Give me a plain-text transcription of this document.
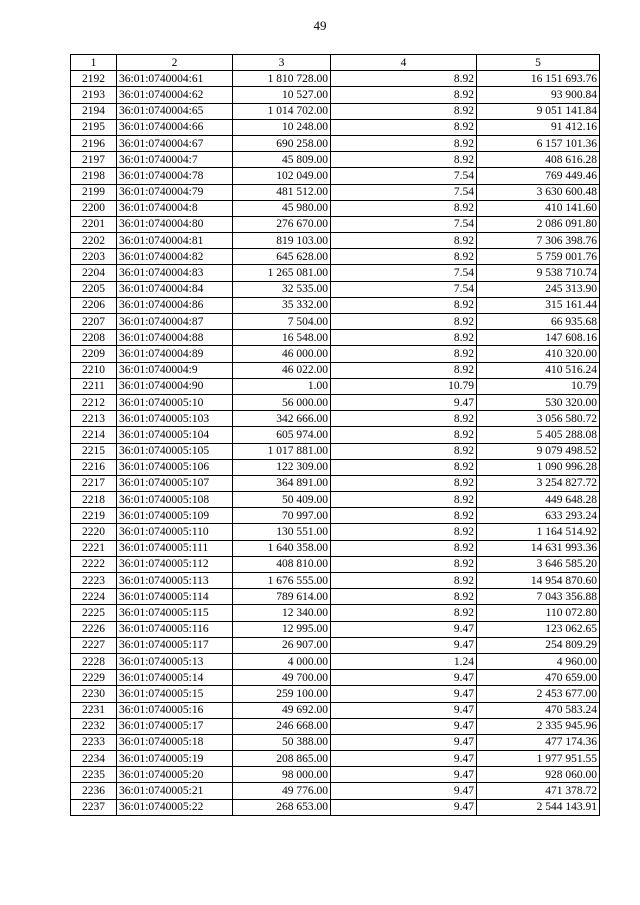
49
1	2	3	4	5
2192	36:01:0740004:61	1 810 728.00	8.92	16 151 693.76
2193	36:01:0740004:62	10 527.00	8.92	93 900.84
2194	36:01:0740004:65	1 014 702.00	8.92	9 051 141.84
2195	36:01:0740004:66	10 248.00	8.92	91 412.16
2196	36:01:0740004:67	690 258.00	8.92	6 157 101.36
2197	36:01:0740004:7	45 809.00	8.92	408 616.28
2198	36:01:0740004:78	102 049.00	7.54	769 449.46
2199	36:01:0740004:79	481 512.00	7.54	3 630 600.48
2200	36:01:0740004:8	45 980.00	8.92	410 141.60
2201	36:01:0740004:80	276 670.00	7.54	2 086 091.80
2202	36:01:0740004:81	819 103.00	8.92	7 306 398.76
2203	36:01:0740004:82	645 628.00	8.92	5 759 001.76
2204	36:01:0740004:83	1 265 081.00	7.54	9 538 710.74
2205	36:01:0740004:84	32 535.00	7.54	245 313.90
2206	36:01:0740004:86	35 332.00	8.92	315 161.44
2207	36:01:0740004:87	7 504.00	8.92	66 935.68
2208	36:01:0740004:88	16 548.00	8.92	147 608.16
2209	36:01:0740004:89	46 000.00	8.92	410 320.00
2210	36:01:0740004:9	46 022.00	8.92	410 516.24
2211	36:01:0740004:90	1.00	10.79	10.79
2212	36:01:0740005:10	56 000.00	9.47	530 320.00
2213	36:01:0740005:103	342 666.00	8.92	3 056 580.72
2214	36:01:0740005:104	605 974.00	8.92	5 405 288.08
2215	36:01:0740005:105	1 017 881.00	8.92	9 079 498.52
2216	36:01:0740005:106	122 309.00	8.92	1 090 996.28
2217	36:01:0740005:107	364 891.00	8.92	3 254 827.72
2218	36:01:0740005:108	50 409.00	8.92	449 648.28
2219	36:01:0740005:109	70 997.00	8.92	633 293.24
2220	36:01:0740005:110	130 551.00	8.92	1 164 514.92
2221	36:01:0740005:111	1 640 358.00	8.92	14 631 993.36
2222	36:01:0740005:112	408 810.00	8.92	3 646 585.20
2223	36:01:0740005:113	1 676 555.00	8.92	14 954 870.60
2224	36:01:0740005:114	789 614.00	8.92	7 043 356.88
2225	36:01:0740005:115	12 340.00	8.92	110 072.80
2226	36:01:0740005:116	12 995.00	9.47	123 062.65
2227	36:01:0740005:117	26 907.00	9.47	254 809.29
2228	36:01:0740005:13	4 000.00	1.24	4 960.00
2229	36:01:0740005:14	49 700.00	9.47	470 659.00
2230	36:01:0740005:15	259 100.00	9.47	2 453 677.00
2231	36:01:0740005:16	49 692.00	9.47	470 583.24
2232	36:01:0740005:17	246 668.00	9.47	2 335 945.96
2233	36:01:0740005:18	50 388.00	9.47	477 174.36
2234	36:01:0740005:19	208 865.00	9.47	1 977 951.55
2235	36:01:0740005:20	98 000.00	9.47	928 060.00
2236	36:01:0740005:21	49 776.00	9.47	471 378.72
2237	36:01:0740005:22	268 653.00	9.47	2 544 143.91
